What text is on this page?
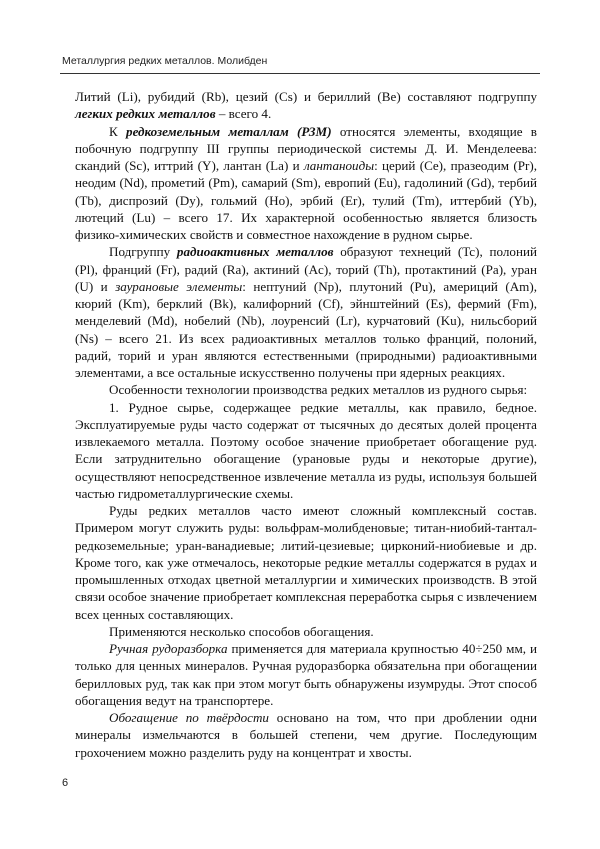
Металлургия редких металлов. Молибден

Литий (Li), рубидий (Rb), цезий (Cs) и бериллий (Be) составляют подгруппу легких редких металлов – всего 4.

К редкоземельным металлам (РЗМ) относятся элементы, входящие в побочную подгруппу III группы периодической системы Д. И. Менделеева: скандий (Sc), иттрий (Y), лантан (La) и лантаноиды: церий (Ce), празеодим (Pr), неодим (Nd), прометий (Pm), самарий (Sm), европий (Eu), гадолиний (Gd), тербий (Tb), диспрозий (Dy), гольмий (Ho), эрбий (Er), тулий (Tm), иттербий (Yb), лютеций (Lu) – всего 17. Их характерной особенностью является близость физико-химических свойств и совместное нахождение в рудном сырье.

Подгруппу радиоактивных металлов образуют технеций (Tc), полоний (Pl), франций (Fr), радий (Ra), актиний (Ac), торий (Th), протактиний (Pa), уран (U) и заурановые элементы: нептуний (Np), плутоний (Pu), америций (Am), кюрий (Km), берклий (Bk), калифорний (Cf), эйнштейний (Es), фермий (Fm), менделевий (Md), нобелий (Nb), лоуренсий (Lr), курчатовий (Ku), нильсборий (Ns) – всего 21. Из всех радиоактивных металлов только франций, полоний, радий, торий и уран являются естественными (природными) радиоактивными элементами, а все остальные искусственно получены при ядерных реакциях.

Особенности технологии производства редких металлов из рудного сырья:

1. Рудное сырье, содержащее редкие металлы, как правило, бедное. Эксплуатируемые руды часто содержат от тысячных до десятых долей процента извлекаемого металла. Поэтому особое значение приобретает обогащение руд. Если затруднительно обогащение (урановые руды и некоторые другие), осуществляют непосредственное извлечение металла из руды, используя большей частью гидрометаллургические схемы.

Руды редких металлов часто имеют сложный комплексный состав. Примером могут служить руды: вольфрам-молибденовые; титан-ниобий-тантал-редкоземельные; уран-ванадиевые; литий-цезиевые; цирконий-ниобиевые и др. Кроме того, как уже отмечалось, некоторые редкие металлы содержатся в рудах и промышленных отходах цветной металлургии и химических производств. В этой связи особое значение приобретает комплексная переработка сырья с извлечением всех ценных составляющих.

Применяются несколько способов обогащения.

Ручная рудоразборка применяется для материала крупностью 40÷250 мм, и только для ценных минералов. Ручная рудоразборка обязательна при обогащении берилловых руд, так как при этом могут быть обнаружены изумруды. Этот способ обогащения ведут на транспортере.

Обогащение по твёрдости основано на том, что при дроблении одни минералы измельчаются в большей степени, чем другие. Последующим грохочением можно разделить руду на концентрат и хвосты.

6
